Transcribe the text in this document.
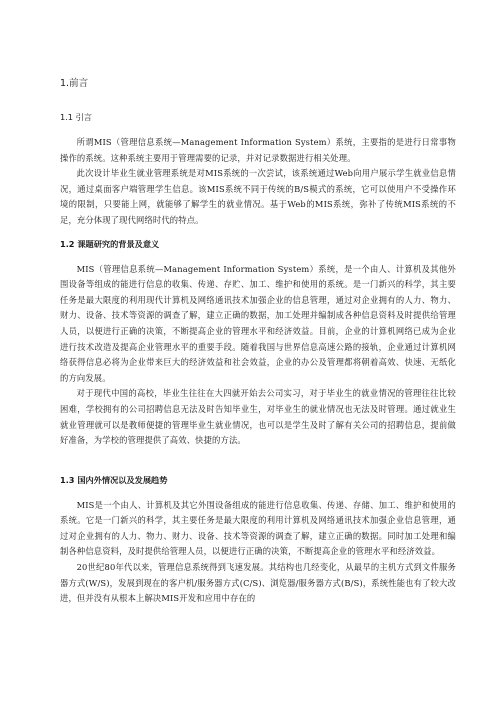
1.前言
1.1 引言

所谓MIS（管理信息系统—Management Information System）系统，主要指的是进行日常事物操作的系统。这种系统主要用于管理需要的记录，并对记录数据进行相关处理。

此次设计毕业生就业管理系统是对MIS系统的一次尝试，该系统通过Web向用户展示学生就业信息情况，通过桌面客户端管理学生信息。该MIS系统不同于传统的B/S模式的系统，它可以使用户不受操作环境的限制，只要能上网，就能够了解学生的就业情况。基于Web的MIS系统，弥补了传统MIS系统的不足，充分体现了现代网络时代的特点。

1.2 课题研究的背景及意义

MIS（管理信息系统—Management Information System）系统，是一个由人、计算机及其他外围设备等组成的能进行信息的收集、传递、存贮、加工、维护和使用的系统。是一门新兴的科学，其主要任务是最大限度的利用现代计算机及网络通讯技术加强企业的信息管理，通过对企业拥有的人力、物力、财力、设备、技术等资源的调查了解，建立正确的数据，加工处理并编制成各种信息资料及时提供给管理人员，以便进行正确的决策，不断提高企业的管理水平和经济效益。目前，企业的计算机网络已成为企业进行技术改造及提高企业管理水平的重要手段。随着我国与世界信息高速公路的接轨，企业通过计算机网络获得信息必将为企业带来巨大的经济效益和社会效益，企业的办公及管理都将朝着高效、快速、无纸化的方向发展。

对于现代中国的高校，毕业生往往在大四就开始去公司实习，对于毕业生的就业情况的管理往往比较困难，学校拥有的公司招聘信息无法及时告知毕业生，对毕业生的就业情况也无法及时管理。通过就业生就业管理就可以是教师便捷的管理毕业生就业情况，也可以是学生及时了解有关公司的招聘信息，提前做好准备，为学校的管理提供了高效、快捷的方法。

1.3 国内外情况以及发展趋势

MIS是一个由人、计算机及其它外围设备组成的能进行信息收集、传递、存储、加工、维护和使用的系统。它是一门新兴的科学，其主要任务是最大限度的利用计算机及网络通讯技术加强企业信息管理，通过对企业拥有的人力、物力、财力、设备、技术等资源的调查了解，建立正确的数据。同时加工处理和编制各种信息资料，及时提供给管理人员，以便进行正确的决策，不断提高企业的管理水平和经济效益。

20世纪80年代以来，管理信息系统得到飞速发展。其结构也几经变化，从最早的主机方式到文件服务器方式(W/S)，发展到现在的客户机/服务器方式(C/S)、浏览器/服务器方式(B/S)，系统性能也有了较大改进，但并没有从根本上解决MIS开发和应用中存在的
